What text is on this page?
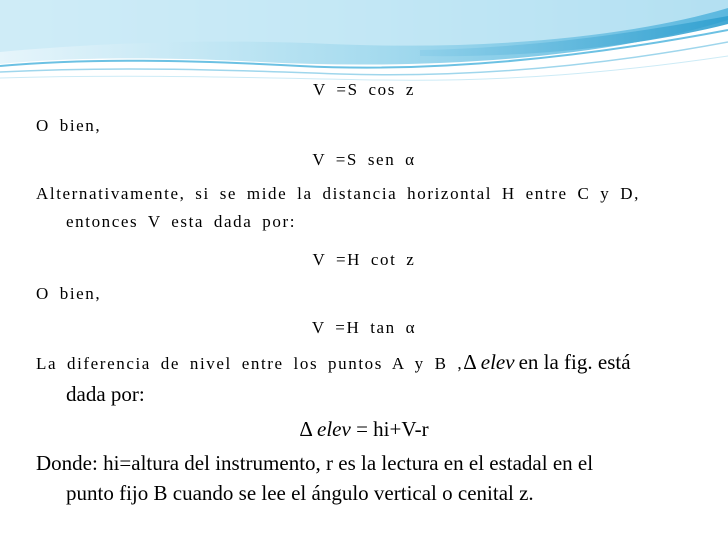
V =S cos z
O bien,
V =S sen α
Alternativamente, si se mide la distancia horizontal H entre C y D,
entonces V esta dada por:
V =H cot z
O bien,
V =H tan α
La diferencia de nivel entre los puntos A y B ,Δ elev en la fig. está
dada por:
Δ elev = hi+V-r
Donde: hi=altura del instrumento, r es la lectura en el estadal en el
punto fijo B cuando se lee el ángulo vertical o cenital z.
